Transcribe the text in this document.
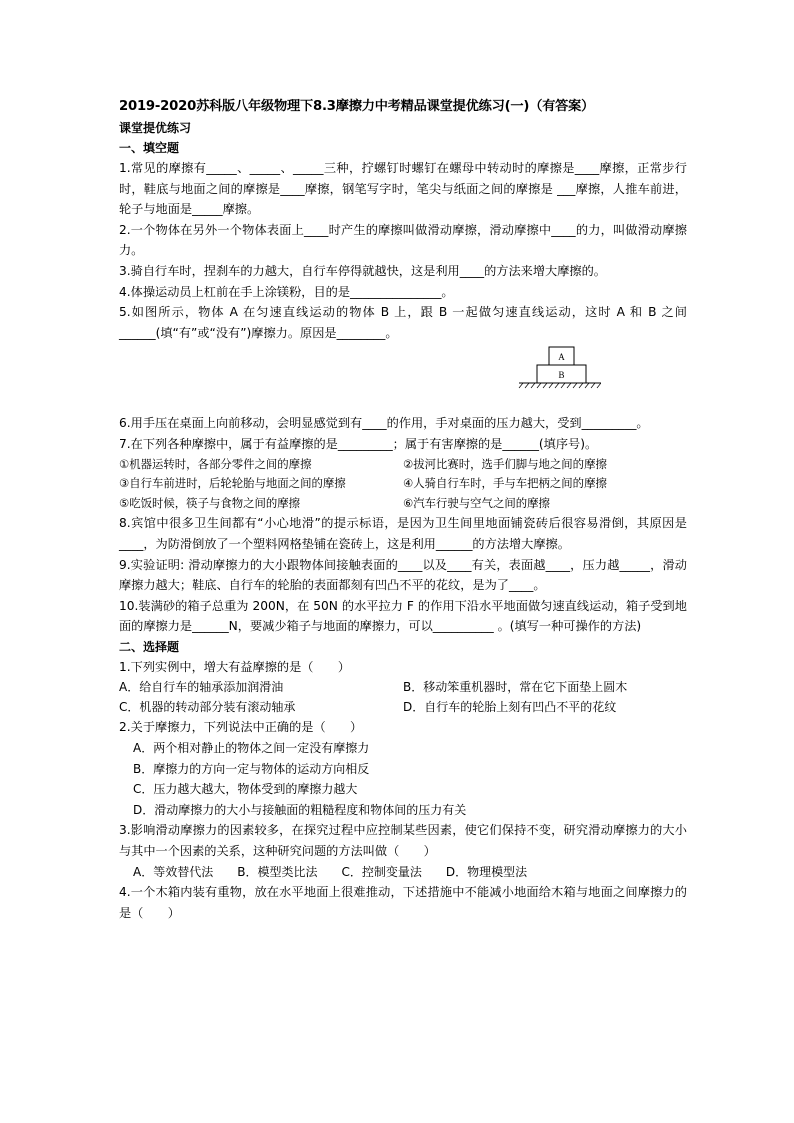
2019-2020苏科版八年级物理下8.3摩擦力中考精品课堂提优练习(一)（有答案）
课堂提优练习
一、填空题
1.常见的摩擦有_____、_____、_____三种，拧螺钉时螺钉在螺母中转动时的摩擦是____摩擦，正常步行时，鞋底与地面之间的摩擦是____摩擦，钢笔写字时，笔尖与纸面之间的摩擦是 ___摩擦，人推车前进，轮子与地面是_____摩擦。
2.一个物体在另外一个物体表面上____时产生的摩擦叫做滑动摩擦，滑动摩擦中____的力，叫做滑动摩擦力。
3.骑自行车时，捏刹车的力越大，自行车停得就越快，这是利用____的方法来增大摩擦的。
4.体操运动员上杠前在手上涂镁粉，目的是_______________。
5.如图所示，物体 A 在匀速直线运动的物体 B 上，跟 B 一起做匀速直线运动，这时 A 和 B 之间______(填“有”或“没有”)摩擦力。原因是________。
A
B
6.用手压在桌面上向前移动，会明显感觉到有____的作用，手对桌面的压力越大，受到_________。
7.在下列各种摩擦中，属于有益摩擦的是_________；属于有害摩擦的是______(填序号)。
①机器运转时，各部分零件之间的摩擦	②拔河比赛时，选手们脚与地之间的摩擦
③自行车前进时，后轮轮胎与地面之间的摩擦	④人骑自行车时，手与车把柄之间的摩擦
⑤吃饭时候，筷子与食物之间的摩擦	⑥汽车行驶与空气之间的摩擦
8.宾馆中很多卫生间都有“小心地滑”的提示标语，是因为卫生间里地面铺瓷砖后很容易滑倒，其原因是____，为防滑倒放了一个塑料网格垫铺在瓷砖上，这是利用______的方法增大摩擦。
9.实验证明: 滑动摩擦力的大小跟物体间接触表面的____以及____有关，表面越____，压力越_____，滑动摩擦力越大；鞋底、自行车的轮胎的表面都刻有凹凸不平的花纹，是为了____。
10.装满砂的箱子总重为 200N，在 50N 的水平拉力 F 的作用下沿水平地面做匀速直线运动，箱子受到地面的摩擦力是______N，要减少箱子与地面的摩擦力，可以__________ 。(填写一种可操作的方法)
二、选择题
1.下列实例中，增大有益摩擦的是（　　）
A．给自行车的轴承添加润滑油	B．移动笨重机器时，常在它下面垫上圆木
C．机器的转动部分装有滚动轴承	D．自行车的轮胎上刻有凹凸不平的花纹
2.关于摩擦力，下列说法中正确的是（　　）
A．两个相对静止的物体之间一定没有摩擦力
B．摩擦力的方向一定与物体的运动方向相反
C．压力越大越大，物体受到的摩擦力越大
D．滑动摩擦力的大小与接触面的粗糙程度和物体间的压力有关
3.影响滑动摩擦力的因素较多，在探究过程中应控制某些因素，使它们保持不变，研究滑动摩擦力的大小与其中一个因素的关系，这种研究问题的方法叫做（　　）
A．等效替代法　　B．模型类比法　　C．控制变量法　　D．物理模型法
4.一个木箱内装有重物，放在水平地面上很难推动，下述措施中不能减小地面给木箱与地面之间摩擦力的是（　　）
